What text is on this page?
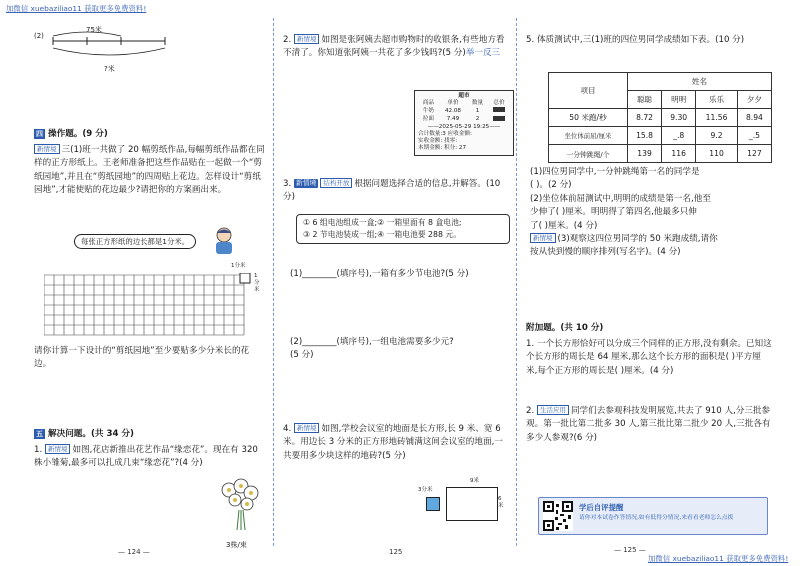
加微信 xuebaziliao11 获取更多免费资料!
加微信 xuebaziliao11 获取更多免费资料!
(2)
75米
?米
四 操作题。(9 分)
新情境 三(1)班一共做了 20 幅剪纸作品,每幅剪纸作品都在同样的正方形纸上。王老师准备把这些作品贴在一起做一个“剪纸园地”,并且在“剪纸园地”的四周贴上花边。怎样设计“剪纸园地”,才能使贴的花边最少?请把你的方案画出来。
每张正方形纸的边长都是1分米。
1分米
1分米
请你计算一下设计的“剪纸园地”至少要贴多少分米长的花边。
五 解决问题。(共 34 分)
1. 新情境 如图,花店新推出花艺作品“缘恋花”。现在有 320 株小雏菊,最多可以扎成几束“缘恋花”?(4 分)
3株/束
— 124 —
2. 新情境 如图是张阿姨去超市购物时的收银条,有些地方看不清了。你知道张阿姨一共花了多少钱吗?(5 分)举一反三
超市
商品	单价	数量	总价
牛奶	42.08	1	
拉面	7.49	2	
——2025-05-29 19:25——
合计数量:3 应收金额:
实收金额: 找零:
本期金额: 积分: 27
3. 新情境 结构开放 根据问题选择合适的信息,并解答。(10 分)
① 6 组电池组成一盒;② 一箱里面有 8 盒电池;
③ 2 节电池装成一组;④ 一箱电池要 288 元。
(1)________(填序号),一箱有多少节电池?(5 分)
(2)________(填序号),一组电池需要多少元?
(5 分)
4. 新情境 如图,学校会议室的地面是长方形,长 9 米、宽 6 米。用边长 3 分米的正方形地砖铺满这间会议室的地面,一共要用多少块这样的地砖?(5 分)
3分米
9米
6米
125
5. 体质测试中,三(1)班的四位男同学成绩如下表。(10 分)
项目	姓名			
	聪聪	明明	乐乐	夕夕
50 米跑/秒	8.72	9.30	11.56	8.94
坐位体前屈/厘米	15.8	_.8	9.2	_.5
一分钟跳绳/个	139	116	110	127
(1)四位男同学中,一分钟跳绳第一名的同学是
( )。(2 分)
(2)坐位体前屈测试中,明明的成绩是第一名,他至
少伸了( )厘米。明明得了第四名,他最多只伸
了( )厘米。(4 分)
新情境 (3)观察这四位男同学的 50 米跑成绩,请你
按从快到慢的顺序排列(写名字)。(4 分)
附加题。(共 10 分)
1. 一个长方形恰好可以分成三个同样的正方形,没有剩余。已知这个长方形的周长是 64 厘米,那么这个长方形的面积是( )平方厘米,每个正方形的周长是( )厘米。(4 分)
2. 生活应用 同学们去参观科技发明展览,共去了 910 人,分三批参观。第一批比第二批多 30 人,第三批比第二批少 20 人,三批各有多少人参观?(6 分)
学后自评提醒
请你对本试卷作答情况,如有低得分情况,来看看老师怎么点拨
— 125 —
